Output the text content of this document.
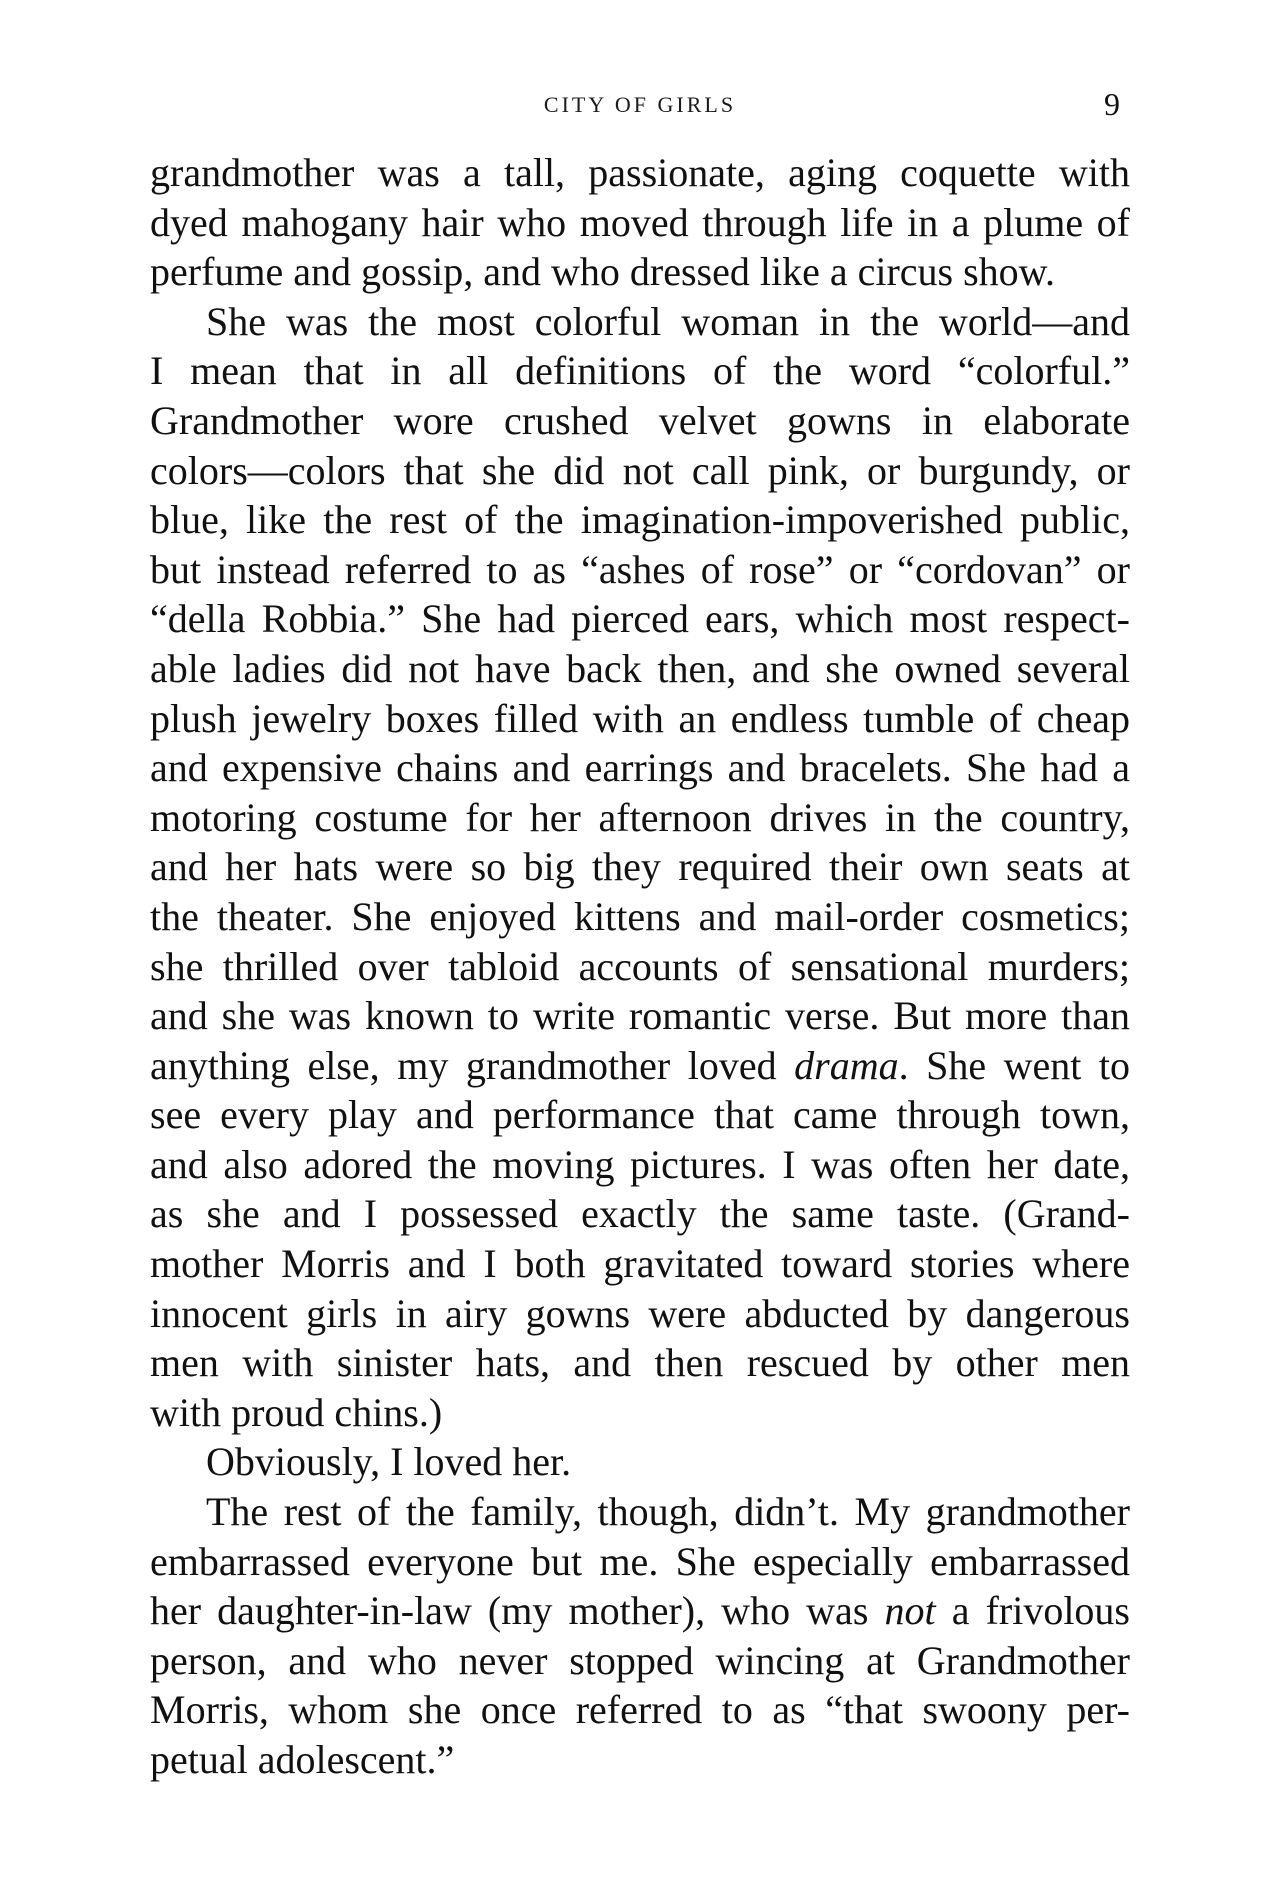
CITY OF GIRLS	9
grandmother was a tall, passionate, aging coquette with
dyed mahogany hair who moved through life in a plume of
perfume and gossip, and who dressed like a circus show.
She was the most colorful woman in the world—and
I mean that in all definitions of the word “colorful.”
Grandmother wore crushed velvet gowns in elaborate
colors—colors that she did not call pink, or burgundy, or
blue, like the rest of the imagination-impoverished public,
but instead referred to as “ashes of rose” or “cordovan” or
“della Robbia.” She had pierced ears, which most respect-
able ladies did not have back then, and she owned several
plush jewelry boxes filled with an endless tumble of cheap
and expensive chains and earrings and bracelets. She had a
motoring costume for her afternoon drives in the country,
and her hats were so big they required their own seats at
the theater. She enjoyed kittens and mail-order cosmetics;
she thrilled over tabloid accounts of sensational murders;
and she was known to write romantic verse. But more than
anything else, my grandmother loved drama. She went to
see every play and performance that came through town,
and also adored the moving pictures. I was often her date,
as she and I possessed exactly the same taste. (Grand-
mother Morris and I both gravitated toward stories where
innocent girls in airy gowns were abducted by dangerous
men with sinister hats, and then rescued by other men
with proud chins.)
Obviously, I loved her.
The rest of the family, though, didn’t. My grandmother
embarrassed everyone but me. She especially embarrassed
her daughter-in-law (my mother), who was not a frivolous
person, and who never stopped wincing at Grandmother
Morris, whom she once referred to as “that swoony per-
petual adolescent.”
